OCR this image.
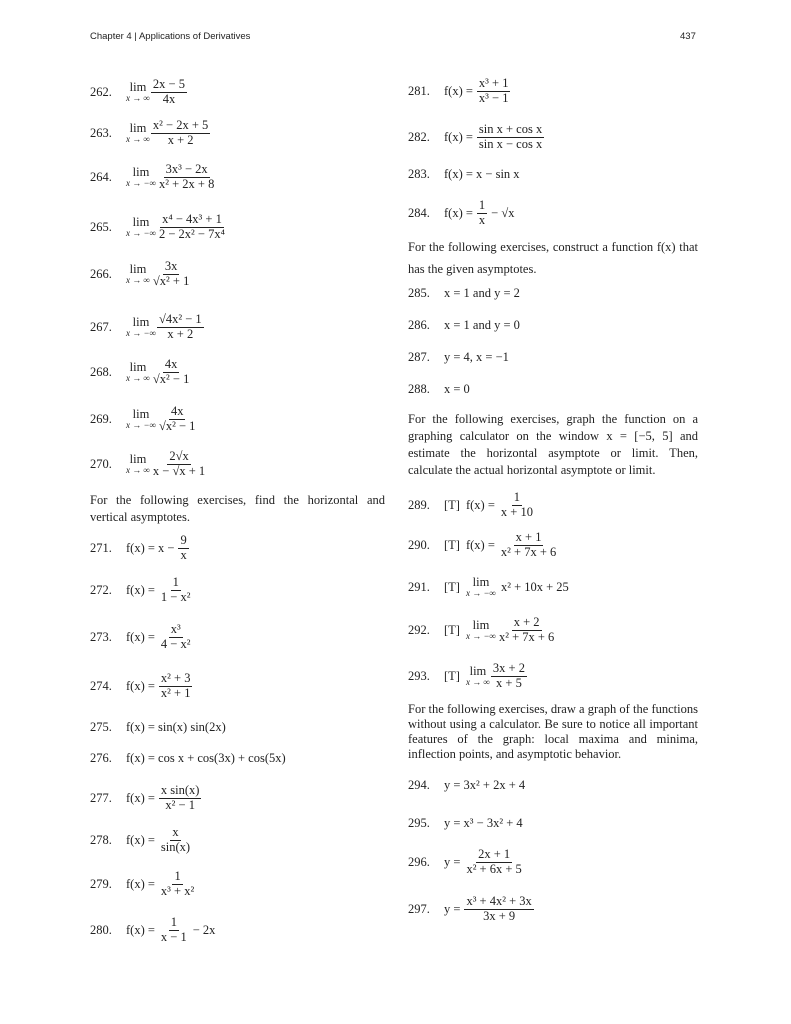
Chapter 4 | Applications of Derivatives	437
For the following exercises, find the horizontal and vertical asymptotes.
For the following exercises, construct a function f(x) that has the given asymptotes.
For the following exercises, graph the function on a graphing calculator on the window x = [−5, 5] and estimate the horizontal asymptote or limit. Then, calculate the actual horizontal asymptote or limit.
For the following exercises, draw a graph of the functions without using a calculator. Be sure to notice all important features of the graph: local maxima and minima, inflection points, and asymptotic behavior.
262.	lim
x → ∞ $\frac{2x - 5}{4x}$
263.	lim
x → ∞ $\frac{\text{x² − 2x + 5}}{x + 2}$
264.	lim
x → −∞ $\frac{\text{3x³ − 2x}}{\text{x² + 2x + 8}}$
265.	lim
x → −∞ $\frac{\text{x⁴ − 4x³ + 1}}{\text{2 − 2x² − 7x⁴}}$
266.	lim
x → ∞ $\frac{3x}{\text{√x² + 1}}$
267.	lim
x → −∞ $\frac{\text{√4x² − 1}}{x + 2}$
268.	lim
x → ∞ $\frac{4x}{\text{√x² − 1}}$
269.	lim
x → −∞ $\frac{4x}{\text{√x² − 1}}$
270.	lim
x → ∞ $\frac{2√x}{x - √x + 1}$
271.	$f(x) = x - \frac{9}{x}$
272.	$f(x) = \frac{1}{\text{1 − x²}}$
273.	$f(x) = \frac{\text{x³}}{\text{4 − x²}}$
274.	$f(x) = \frac{\text{x² + 3}}{\text{x² + 1}}$
275.	f(x) = sin(x) sin(2x)
276.	f(x) = cos x + cos(3x) + cos(5x)
277.	$f(x) = \frac{\text{x sin(x)}}{\text{x² − 1}}$
278.	$f(x) = \frac{x}{\sin(x)}$
279.	$f(x) = \frac{1}{\text{x³ + x²}}$
280.	$f(x) = \frac{1}{x - 1} - 2x$
281.	$f(x) = \frac{\text{x³ + 1}}{\text{x³ − 1}}$
282.	$f(x) = \frac{\text{sin x + cos x}}{\text{sin x − cos x}}$
283.	f(x) = x − sin x
284.	$f(x) = \frac{1}{x} - √x$
285.	x = 1 and y = 2
286.	x = 1 and y = 0
287.	y = 4, x = −1
288.	x = 0
289.	[T] $f(x) = \frac{1}{x + 10}$
290.	[T] $f(x) = \frac{x + 1}{\text{x² + 7x + 6}}$
291.	[T] lim
x → −∞ x² + 10x + 25
292.	[T] lim
x → −∞ $\frac{x + 2}{\text{x² + 7x + 6}}$
293.	[T] lim
x → ∞ $\frac{3x + 2}{x + 5}$
294.	y = 3x² + 2x + 4
295.	y = x³ − 3x² + 4
296.	$y = \frac{2x + 1}{\text{x² + 6x + 5}}$
297.	$y = \frac{\text{x³ + 4x² + 3x}}{3x + 9}$
